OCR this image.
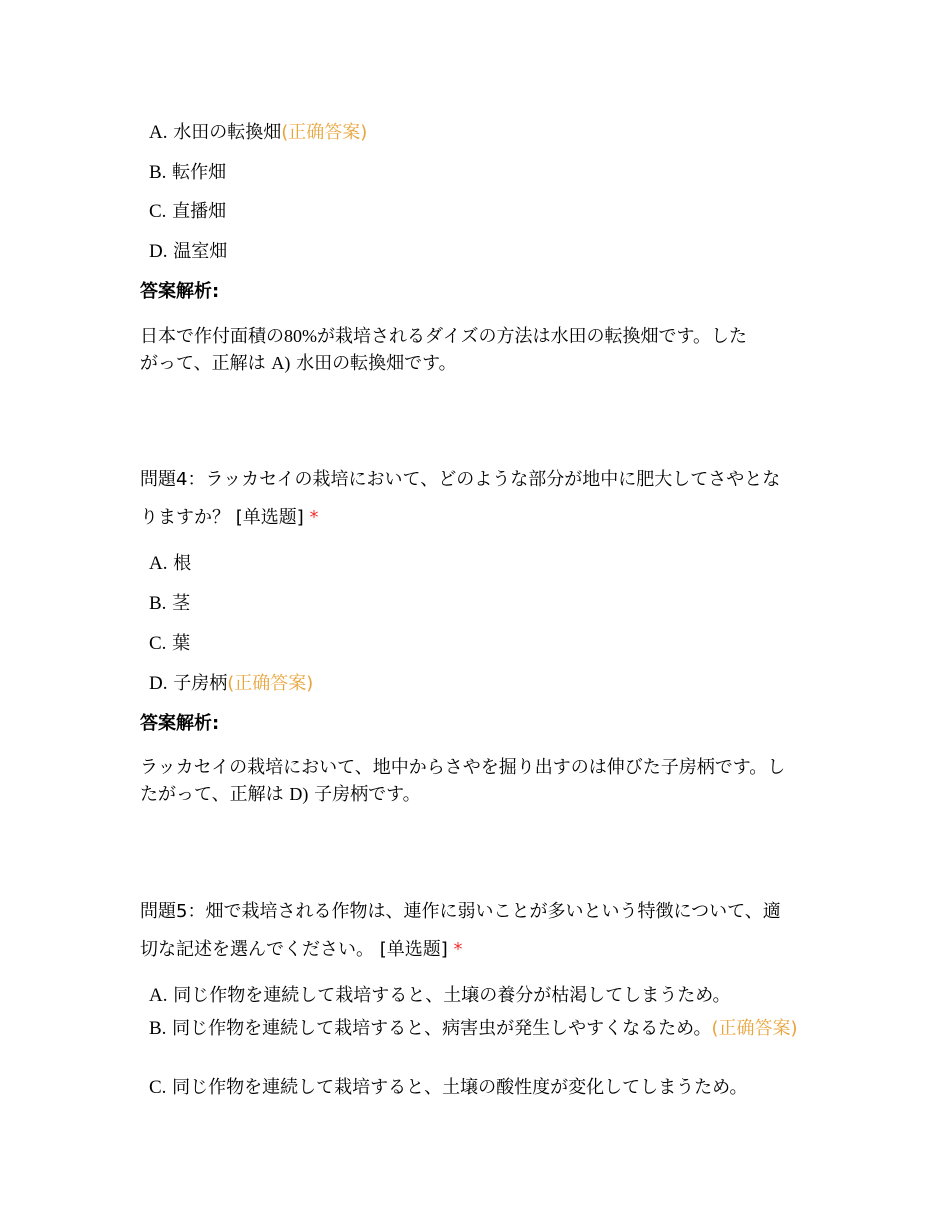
A. 水田の転換畑(正确答案)
B. 転作畑
C. 直播畑
D. 温室畑
答案解析:
日本で作付面積の80%が栽培されるダイズの方法は水田の転換畑です。した
がって、正解は A) 水田の転換畑です。
問題4：ラッカセイの栽培において、どのような部分が地中に肥大してさやとな
りますか？ [单选题] *
A. 根
B. 茎
C. 葉
D. 子房柄(正确答案)
答案解析:
ラッカセイの栽培において、地中からさやを掘り出すのは伸びた子房柄です。し
たがって、正解は D) 子房柄です。
問題5：畑で栽培される作物は、連作に弱いことが多いという特徴について、適
切な記述を選んでください。 [单选题] *
A. 同じ作物を連続して栽培すると、土壌の養分が枯渇してしまうため。
B. 同じ作物を連続して栽培すると、病害虫が発生しやすくなるため。(正确答案)
C. 同じ作物を連続して栽培すると、土壌の酸性度が変化してしまうため。
